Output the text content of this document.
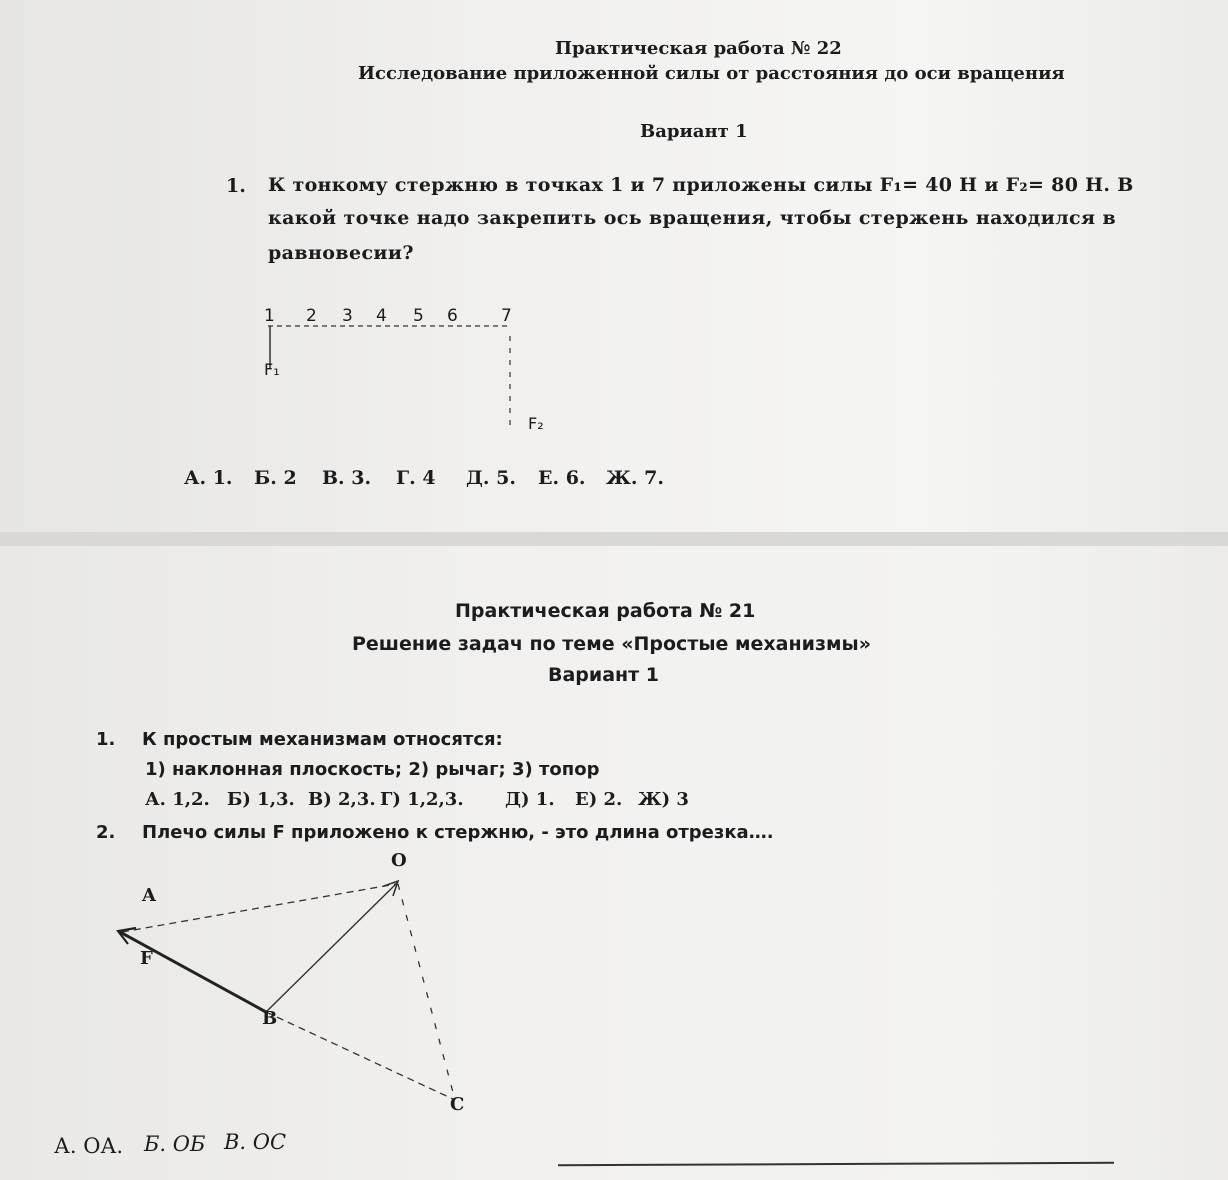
Практическая работа № 22
Исследование приложенной силы от расстояния до оси вращения
Вариант 1
1. К тонкому стержню в точках 1 и 7 приложены силы F₁= 40 Н и F₂= 80 Н. В
какой точке надо закрепить ось вращения, чтобы стержень находился в
равновесии?
1 2 3 4 5 6	7
F₁
F₂
А. 1. Б. 2 В. 3. Г. 4 Д. 5. Е. 6. Ж. 7.
Практическая работа № 21
Решение задач по теме «Простые механизмы»
Вариант 1
1. К простым механизмам относятся:
1) наклонная плоскость; 2) рычаг; 3) топор
А. 1,2. Б) 1,3. В) 2,3. Г) 1,2,3. Д) 1. Е) 2. Ж) 3
2. Плечо силы F приложено к стержню, - это длина отрезка….
O
A
F
B
C
А. ОА. Б. ОБ В. ОС
